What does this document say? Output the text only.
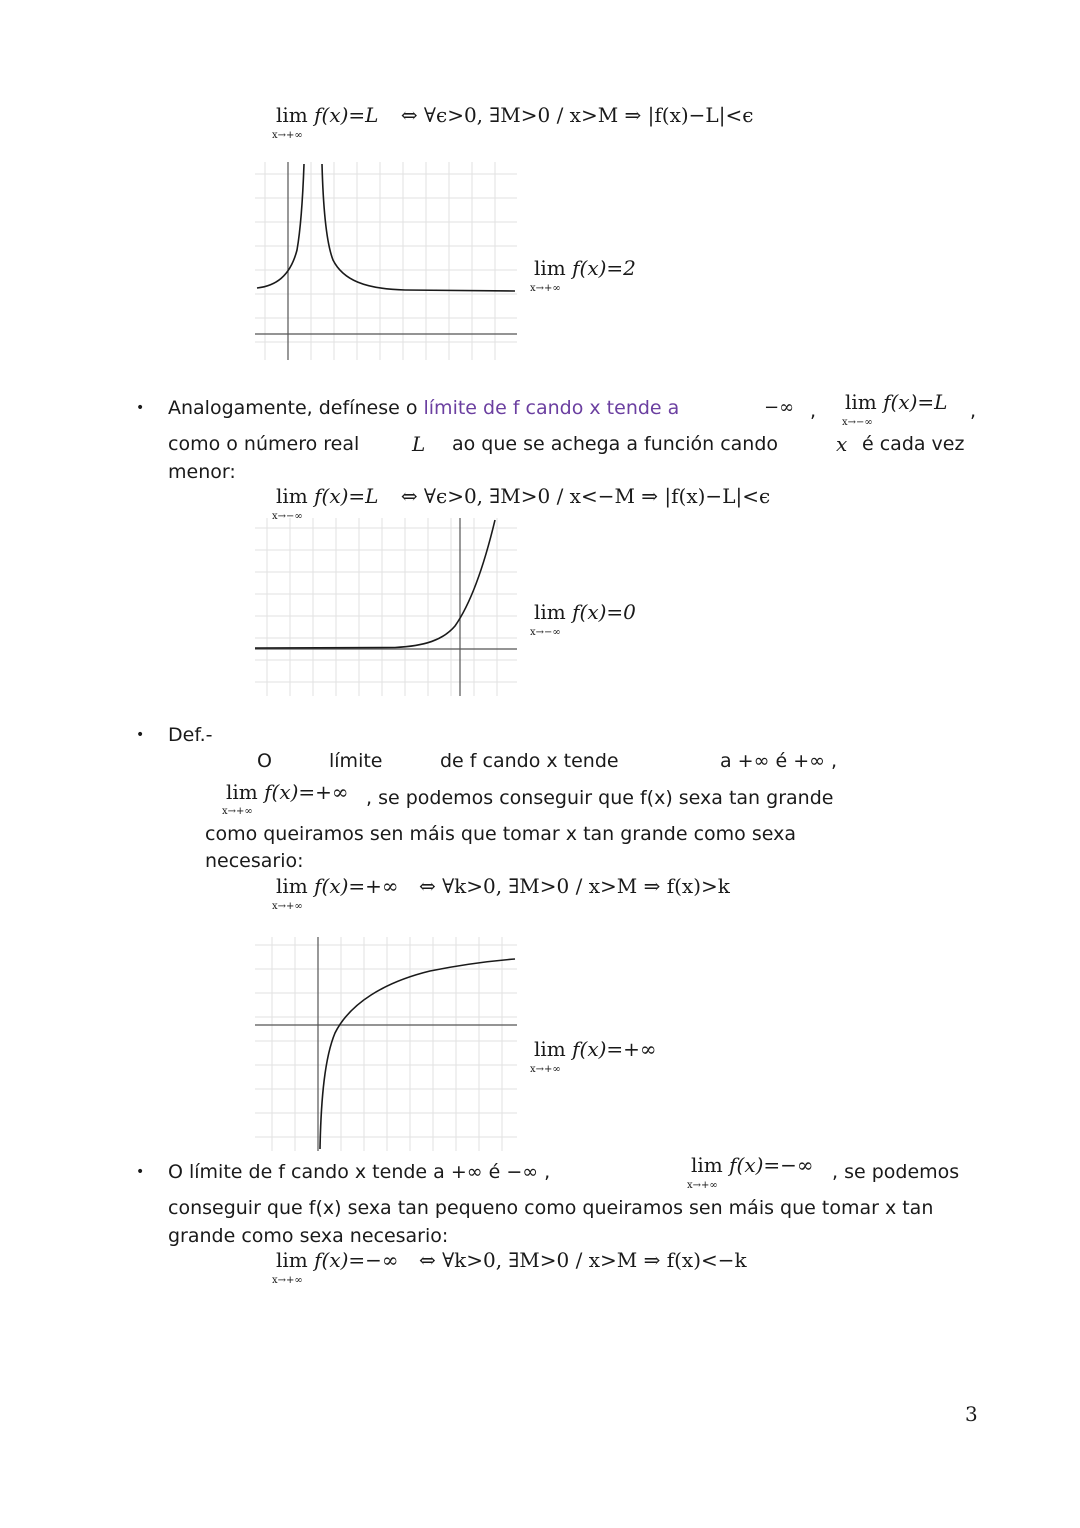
lim f(x)=L ⇔ ∀ϵ>0, ∃M>0 / x>M ⇒ |f(x)−L|<ϵ
x→+∞
lim f(x)=2
x→+∞
• Analogamente, defínese o límite de f cando x tende a	−∞ , lim f(x)=L
x→−∞
,
como o número real	L ao que se achega a función cando	x é cada vez
menor:
lim f(x)=L ⇔ ∀ϵ>0, ∃M>0 / x<−M ⇒ |f(x)−L|<ϵ
x→−∞
lim f(x)=0
x→−∞
• Def.-
O	límite	de f cando x tende	a +∞ é +∞ ,
lim f(x)=+∞
x→+∞
, se podemos conseguir que f(x) sexa tan grande
como queiramos sen máis que tomar x tan grande como sexa
necesario:
lim f(x)=+∞ ⇔ ∀k>0, ∃M>0 / x>M ⇒ f(x)>k
x→+∞
lim f(x)=+∞
x→+∞
• O límite de f cando x tende a +∞ é −∞ ,	lim f(x)=−∞
x→+∞
, se podemos
conseguir que f(x) sexa tan pequeno como queiramos sen máis que tomar x tan
grande como sexa necesario:
lim f(x)=−∞ ⇔ ∀k>0, ∃M>0 / x>M ⇒ f(x)<−k
x→+∞
3
